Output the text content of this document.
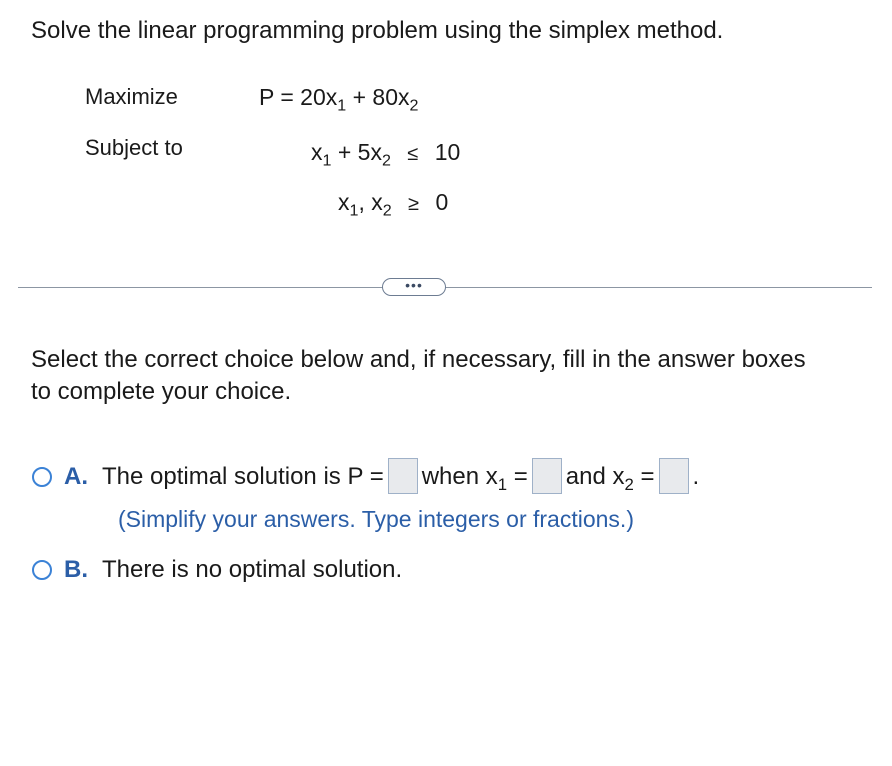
Solve the linear programming problem using the simplex method.
Maximize	$P = 20x_1 + 80x_2$
Subject to	$x_1 + 5x_2 \le 10$
$x_1$, $x_2 \ge 0$
•••
Select the correct choice below and, if necessary, fill in the answer boxes to complete your choice.
A. The optimal solution is P = when $x_1$ = and $x_2$ = .
(Simplify your answers. Type integers or fractions.)
B. There is no optimal solution.
